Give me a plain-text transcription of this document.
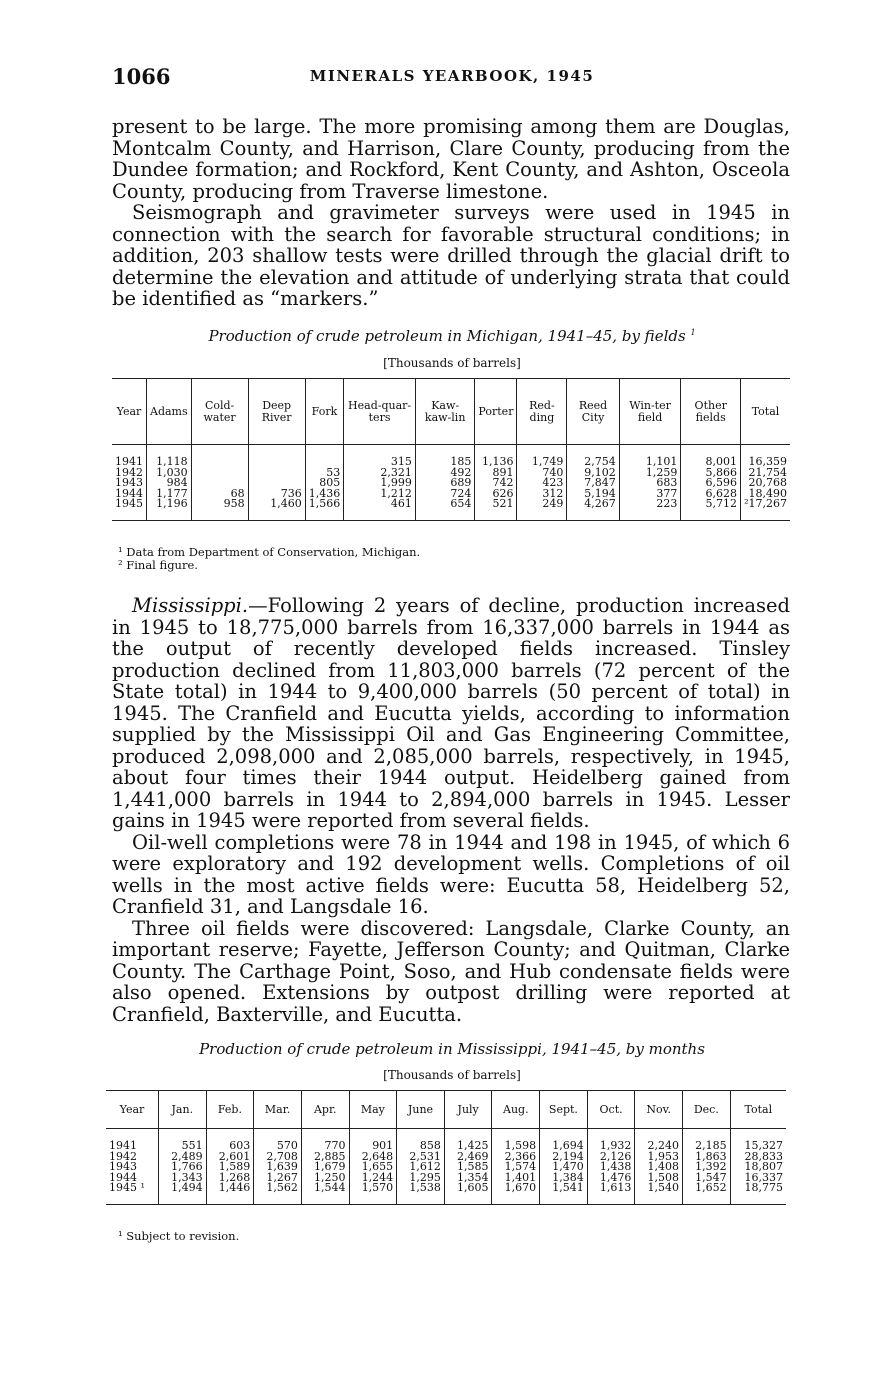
1066	MINERALS YEARBOOK, 1945

present to be large. The more promising among them are Douglas, Montcalm County, and Harrison, Clare County, producing from the Dundee formation; and Rockford, Kent County, and Ashton, Osceola County, producing from Traverse limestone.

Seismograph and gravimeter surveys were used in 1945 in connection with the search for favorable structural conditions; in addition, 203 shallow tests were drilled through the glacial drift to determine the elevation and attitude of underlying strata that could be identified as “markers.”

Production of crude petroleum in Michigan, 1941–45, by fields $^1$
[Thousands of barrels]
Year	Adams	Cold-water	Deep River	Fork	Head-quar-ters	Kaw-kaw-lin	Porter	Red-ding	Reed City	Win-ter field	Other fields	Total
1941	1,118				315	185	1,136	1,749	2,754	1,101	8,001	16,359
1942	1,030			53	2,321	492	891	740	9,102	1,259	5,866	21,754
1943	984			805	1,999	689	742	423	7,847	683	6,596	20,768
1944	1,177	68	736	1,436	1,212	724	626	312	5,194	377	6,628	18,490
1945	1,196	958	1,460	1,566	461	654	521	249	4,267	223	5,712	²17,267
¹ Data from Department of Conservation, Michigan.
² Final figure.

Mississippi.—Following 2 years of decline, production increased in 1945 to 18,775,000 barrels from 16,337,000 barrels in 1944 as the output of recently developed fields increased. Tinsley production declined from 11,803,000 barrels (72 percent of the State total) in 1944 to 9,400,000 barrels (50 percent of total) in 1945. The Cranfield and Eucutta yields, according to information supplied by the Mississippi Oil and Gas Engineering Committee, produced 2,098,000 and 2,085,000 barrels, respectively, in 1945, about four times their 1944 output. Heidelberg gained from 1,441,000 barrels in 1944 to 2,894,000 barrels in 1945. Lesser gains in 1945 were reported from several fields.

Oil-well completions were 78 in 1944 and 198 in 1945, of which 6 were exploratory and 192 development wells. Completions of oil wells in the most active fields were: Eucutta 58, Heidelberg 52, Cranfield 31, and Langsdale 16.

Three oil fields were discovered: Langsdale, Clarke County, an important reserve; Fayette, Jefferson County; and Quitman, Clarke County. The Carthage Point, Soso, and Hub condensate fields were also opened. Extensions by outpost drilling were reported at Cranfield, Baxterville, and Eucutta.

Production of crude petroleum in Mississippi, 1941–45, by months
[Thousands of barrels]
Year	Jan.	Feb.	Mar.	Apr.	May	June	July	Aug.	Sept.	Oct.	Nov.	Dec.	Total
1941	551	603	570	770	901	858	1,425	1,598	1,694	1,932	2,240	2,185	15,327
1942	2,489	2,601	2,708	2,885	2,648	2,531	2,469	2,366	2,194	2,126	1,953	1,863	28,833
1943	1,766	1,589	1,639	1,679	1,655	1,612	1,585	1,574	1,470	1,438	1,408	1,392	18,807
1944	1,343	1,268	1,267	1,250	1,244	1,295	1,354	1,401	1,384	1,476	1,508	1,547	16,337
1945 ¹	1,494	1,446	1,562	1,544	1,570	1,538	1,605	1,670	1,541	1,613	1,540	1,652	18,775
¹ Subject to revision.
